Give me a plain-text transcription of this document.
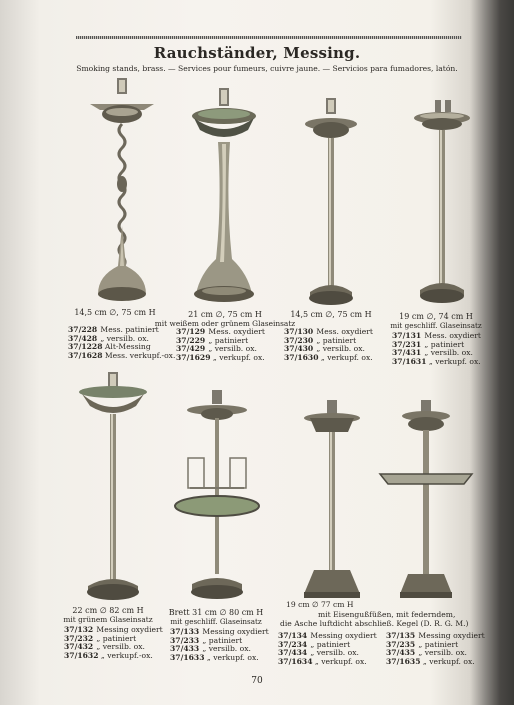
Rauchständer, Messing.
Smoking stands, brass. — Services pour fumeurs, cuivre jaune. — Servicios para fumadores, latón.
14,5 cm ∅, 75 cm H
37/228
Mess. patiniert
37/428
„ versilb. ox.
37/1228
Alt-Messing
37/1628
Mess. verkupf.-ox.
21 cm ∅, 75 cm H
mit weißem oder grünem Glaseinsatz
37/129
Mess. oxydiert
37/229
„ patiniert
37/429
„ versilb. ox.
37/1629
„ verkupf. ox.
14,5 cm ∅, 75 cm H
37/130
Mess. oxydiert
37/230
„ patiniert
37/430
„ versilb. ox.
37/1630
„ verkupf. ox.
19 cm ∅, 74 cm H
mit geschliff. Glaseinsatz
37/131
Mess. oxydiert
37/231
„ patiniert
37/431
„ versilb. ox.
37/1631
„ verkupf. ox.
22 cm ∅ 82 cm H
mit grünem Glaseinsatz
37/132
Messing oxydiert
37/232
„ patiniert
37/432
„ versilb. ox.
37/1632
„ verkupf.-ox.
Brett 31 cm ∅ 80 cm H
mit geschliff. Glaseinsatz
37/133
Messing oxydiert
37/233
„ patiniert
37/433
„ versilb. ox.
37/1633
„ verkupf. ox.
19 cm ∅ 77 cm H
mit Eisengußfüßen, mit federndem,
die Asche luftdicht abschließ. Kegel (D. R. G. M.)
37/134
Messing oxydiert
37/234
„ patiniert
37/434
„ versilb. ox.
37/1634
„ verkupf. ox.
37/135
Messing oxydiert
37/235
„ patiniert
37/435
„ versilb. ox.
37/1635
„ verkupf. ox.
70
